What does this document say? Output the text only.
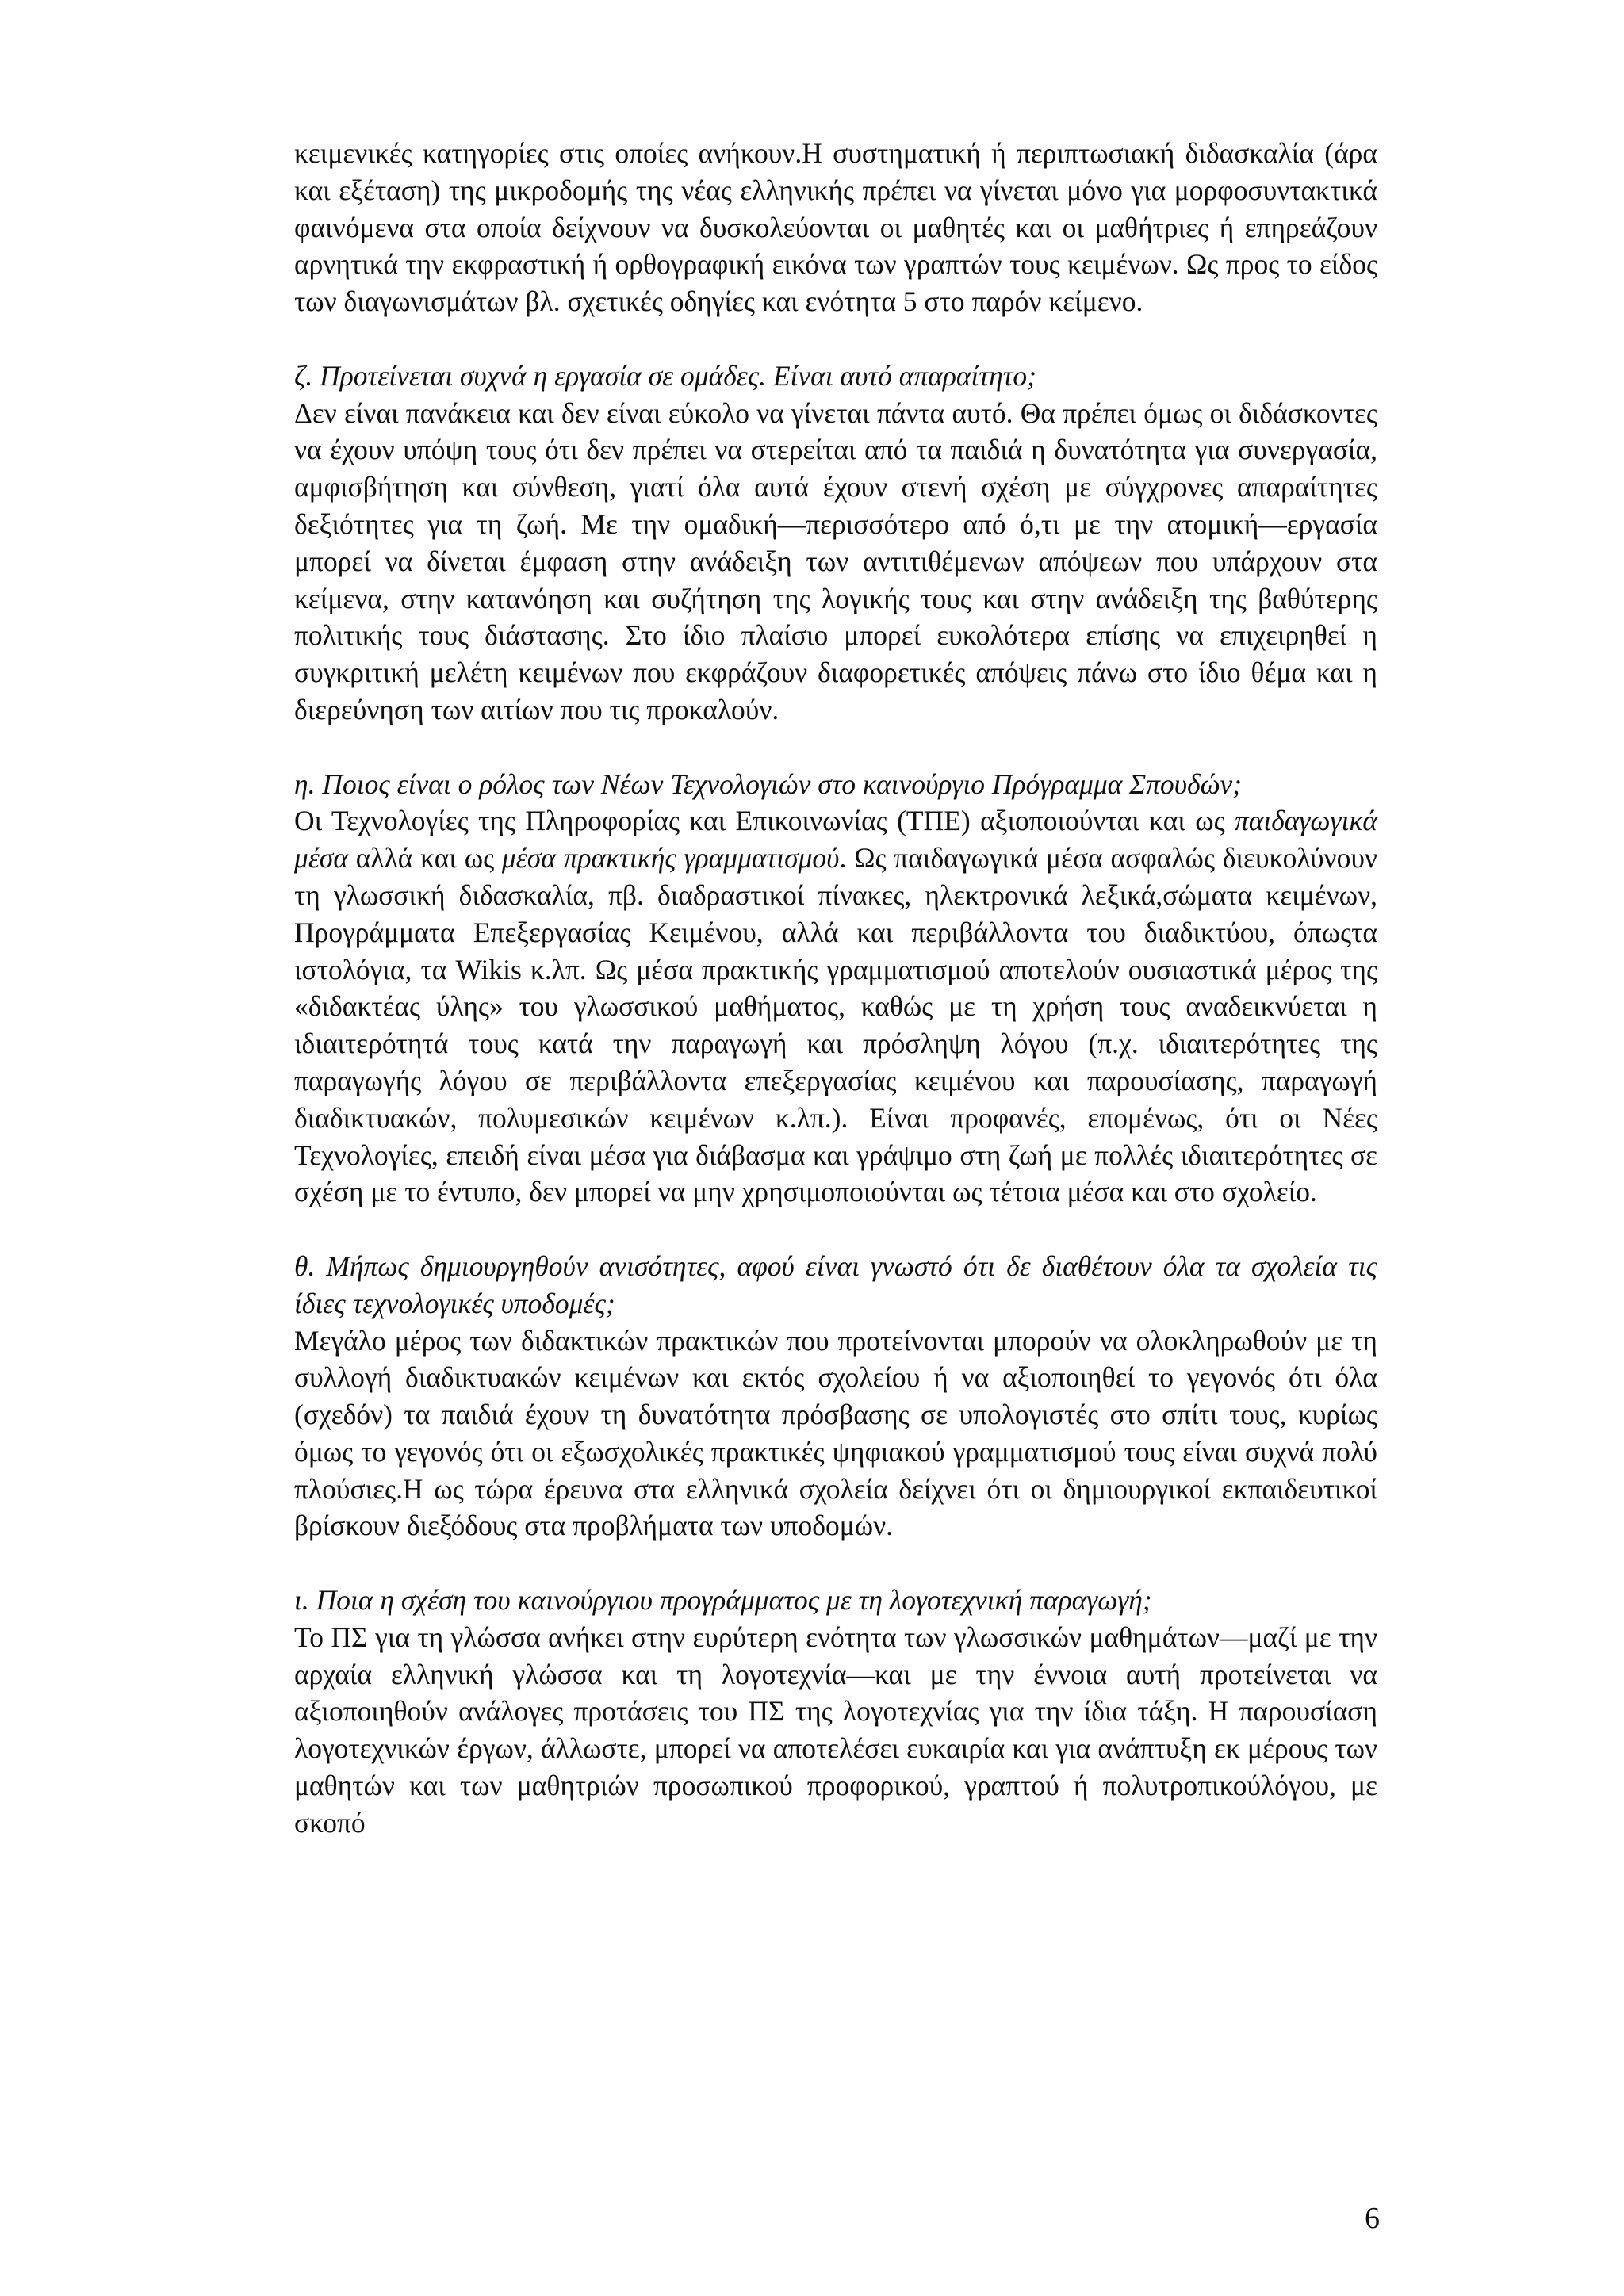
κειμενικές κατηγορίες στις οποίες ανήκουν.Η συστηματική ή περιπτωσιακή διδασκαλία (άρα και εξέταση) της μικροδομής της νέας ελληνικής πρέπει να γίνεται μόνο για μορφοσυντακτικά φαινόμενα στα οποία δείχνουν να δυσκολεύονται οι μαθητές και οι μαθήτριες ή επηρεάζουν αρνητικά την εκφραστική ή ορθογραφική εικόνα των γραπτών τους κειμένων. Ως προς το είδος των διαγωνισμάτων βλ. σχετικές οδηγίες και ενότητα 5 στο παρόν κείμενο.

ζ. Προτείνεται συχνά η εργασία σε ομάδες. Είναι αυτό απαραίτητο;

Δεν είναι πανάκεια και δεν είναι εύκολο να γίνεται πάντα αυτό. Θα πρέπει όμως οι διδάσκοντες να έχουν υπόψη τους ότι δεν πρέπει να στερείται από τα παιδιά η δυνατότητα για συνεργασία, αμφισβήτηση και σύνθεση, γιατί όλα αυτά έχουν στενή σχέση με σύγχρονες απαραίτητες δεξιότητες για τη ζωή. Με την ομαδική—περισσότερο από ό,τι με την ατομική—εργασία μπορεί να δίνεται έμφαση στην ανάδειξη των αντιτιθέμενων απόψεων που υπάρχουν στα κείμενα, στην κατανόηση και συζήτηση της λογικής τους και στην ανάδειξη της βαθύτερης πολιτικής τους διάστασης. Στο ίδιο πλαίσιο μπορεί ευκολότερα επίσης να επιχειρηθεί η συγκριτική μελέτη κειμένων που εκφράζουν διαφορετικές απόψεις πάνω στο ίδιο θέμα και η διερεύνηση των αιτίων που τις προκαλούν.

η. Ποιος είναι ο ρόλος των Νέων Τεχνολογιών στο καινούργιο Πρόγραμμα Σπουδών;

Οι Τεχνολογίες της Πληροφορίας και Επικοινωνίας (ΤΠΕ) αξιοποιούνται και ως παιδαγωγικά μέσα αλλά και ως μέσα πρακτικής γραμματισμού. Ως παιδαγωγικά μέσα ασφαλώς διευκολύνουν τη γλωσσική διδασκαλία, πβ. διαδραστικοί πίνακες, ηλεκτρονικά λεξικά,σώματα κειμένων, Προγράμματα Επεξεργασίας Κειμένου, αλλά και περιβάλλοντα του διαδικτύου, όπωςτα ιστολόγια, τα Wikis κ.λπ. Ως μέσα πρακτικής γραμματισμού αποτελούν ουσιαστικά μέρος της «διδακτέας ύλης» του γλωσσικού μαθήματος, καθώς με τη χρήση τους αναδεικνύεται η ιδιαιτερότητά τους κατά την παραγωγή και πρόσληψη λόγου (π.χ. ιδιαιτερότητες της παραγωγής λόγου σε περιβάλλοντα επεξεργασίας κειμένου και παρουσίασης, παραγωγή διαδικτυακών, πολυμεσικών κειμένων κ.λπ.). Είναι προφανές, επομένως, ότι οι Νέες Τεχνολογίες, επειδή είναι μέσα για διάβασμα και γράψιμο στη ζωή με πολλές ιδιαιτερότητες σε σχέση με το έντυπο, δεν μπορεί να μην χρησιμοποιούνται ως τέτοια μέσα και στο σχολείο.

θ. Μήπως δημιουργηθούν ανισότητες, αφού είναι γνωστό ότι δε διαθέτουν όλα τα σχολεία τις ίδιες τεχνολογικές υποδομές;

Μεγάλο μέρος των διδακτικών πρακτικών που προτείνονται μπορούν να ολοκληρωθούν με τη συλλογή διαδικτυακών κειμένων και εκτός σχολείου ή να αξιοποιηθεί το γεγονός ότι όλα (σχεδόν) τα παιδιά έχουν τη δυνατότητα πρόσβασης σε υπολογιστές στο σπίτι τους, κυρίως όμως το γεγονός ότι οι εξωσχολικές πρακτικές ψηφιακού γραμματισμού τους είναι συχνά πολύ πλούσιες.Η ως τώρα έρευνα στα ελληνικά σχολεία δείχνει ότι οι δημιουργικοί εκπαιδευτικοί βρίσκουν διεξόδους στα προβλήματα των υποδομών.

ι. Ποια η σχέση του καινούργιου προγράμματος με τη λογοτεχνική παραγωγή;

Το ΠΣ για τη γλώσσα ανήκει στην ευρύτερη ενότητα των γλωσσικών μαθημάτων—μαζί με την αρχαία ελληνική γλώσσα και τη λογοτεχνία—και με την έννοια αυτή προτείνεται να αξιοποιηθούν ανάλογες προτάσεις του ΠΣ της λογοτεχνίας για την ίδια τάξη. Η παρουσίαση λογοτεχνικών έργων, άλλωστε, μπορεί να αποτελέσει ευκαιρία και για ανάπτυξη εκ μέρους των μαθητών και των μαθητριών προσωπικού προφορικού, γραπτού ή πολυτροπικούλόγου, με σκοπό

6
